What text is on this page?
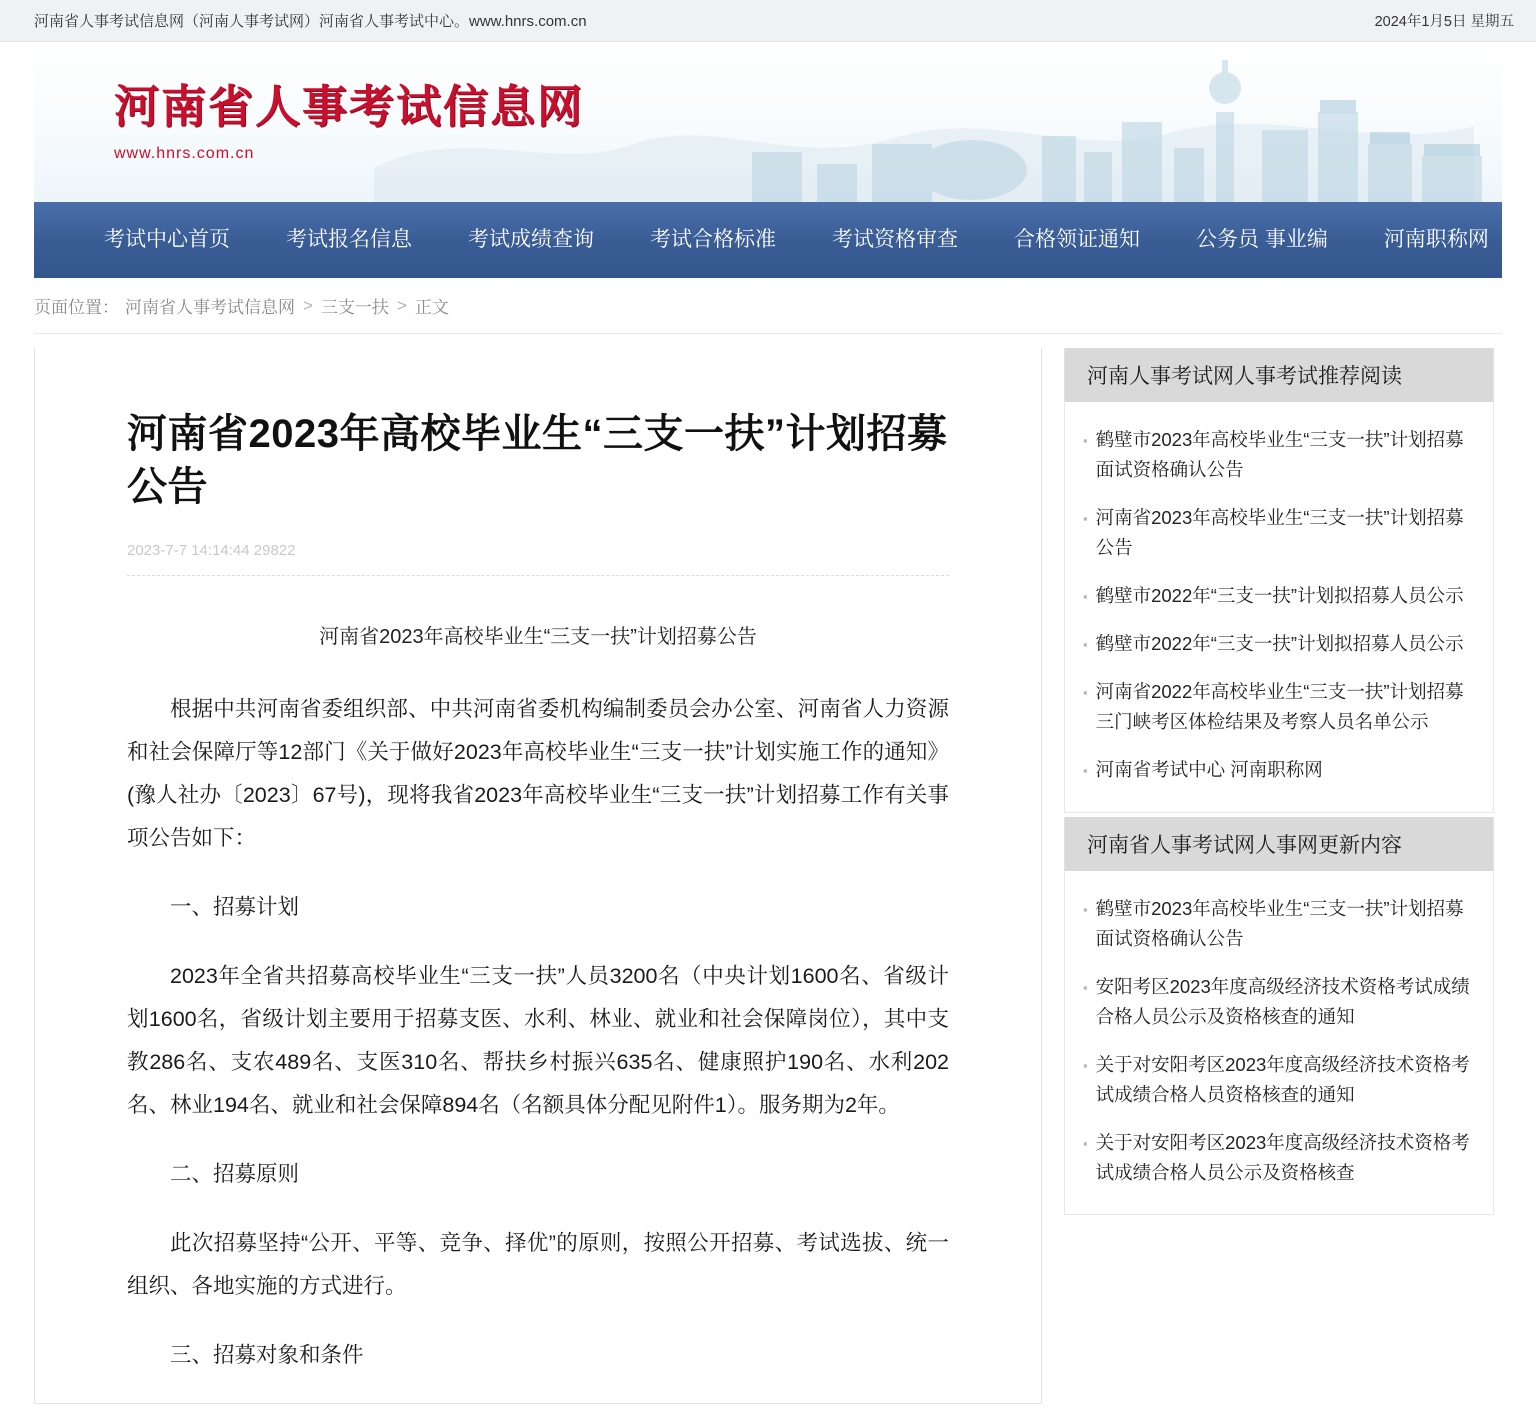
河南省人事考试信息网（河南人事考试网）河南省人事考试中心。www.hnrs.com.cn	2024年1月5日 星期五
河南省人事考试信息网
www.hnrs.com.cn
考试中心首页	考试报名信息	考试成绩查询	考试合格标准	考试资格审查	合格领证通知	公务员 事业编	河南职称网
页面位置： 河南省人事考试信息网 > 三支一扶 > 正文
河南省2023年高校毕业生“三支一扶”计划招募公告
2023-7-7 14:14:44 29822
河南省2023年高校毕业生“三支一扶”计划招募公告

根据中共河南省委组织部、中共河南省委机构编制委员会办公室、河南省人力资源和社会保障厅等12部门《关于做好2023年高校毕业生“三支一扶”计划实施工作的通知》(豫人社办〔2023〕67号)，现将我省2023年高校毕业生“三支一扶”计划招募工作有关事项公告如下：

一、招募计划

2023年全省共招募高校毕业生“三支一扶”人员3200名（中央计划1600名、省级计划1600名，省级计划主要用于招募支医、水利、林业、就业和社会保障岗位），其中支教286名、支农489名、支医310名、帮扶乡村振兴635名、健康照护190名、水利202名、林业194名、就业和社会保障894名（名额具体分配见附件1）。服务期为2年。

二、招募原则

此次招募坚持“公开、平等、竞争、择优”的原则，按照公开招募、考试选拔、统一组织、各地实施的方式进行。

三、招募对象和条件

河南人事考试网人事考试推荐阅读
▪ 鹤壁市2023年高校毕业生“三支一扶”计划招募面试资格确认公告
▪ 河南省2023年高校毕业生“三支一扶”计划招募公告
▪ 鹤壁市2022年“三支一扶”计划拟招募人员公示
▪ 鹤壁市2022年“三支一扶”计划拟招募人员公示
▪ 河南省2022年高校毕业生“三支一扶”计划招募三门峡考区体检结果及考察人员名单公示
▪ 河南省考试中心 河南职称网
河南省人事考试网人事网更新内容
▪ 鹤壁市2023年高校毕业生“三支一扶”计划招募面试资格确认公告
▪ 安阳考区2023年度高级经济技术资格考试成绩合格人员公示及资格核查的通知
▪ 关于对安阳考区2023年度高级经济技术资格考试成绩合格人员资格核查的通知
▪ 关于对安阳考区2023年度高级经济技术资格考试成绩合格人员公示及资格核查
